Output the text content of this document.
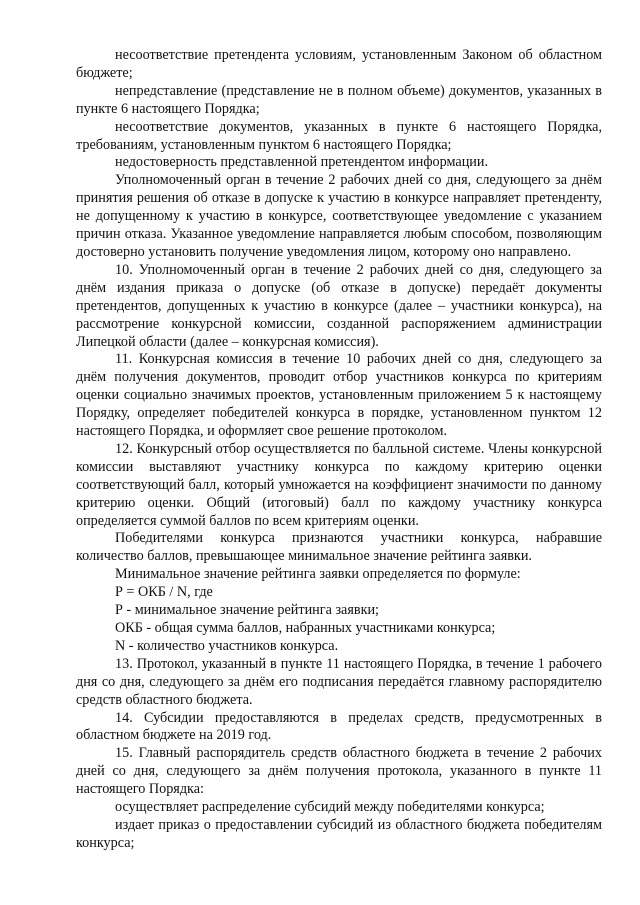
несоответствие претендента условиям, установленным Законом об областном бюджете;

непредставление (представление не в полном объеме) документов, указанных в пункте 6 настоящего Порядка;

несоответствие документов, указанных в пункте 6 настоящего Порядка, требованиям, установленным пунктом 6 настоящего Порядка;

недостоверность представленной претендентом информации.

Уполномоченный орган в течение 2 рабочих дней со дня, следующего за днём принятия решения об отказе в допуске к участию в конкурсе направляет претенденту, не допущенному к участию в конкурсе, соответствующее уведомление с указанием причин отказа. Указанное уведомление направляется любым способом, позволяющим достоверно установить получение уведомления лицом, которому оно направлено.

10. Уполномоченный орган в течение 2 рабочих дней со дня, следующего за днём издания приказа о допуске (об отказе в допуске) передаёт документы претендентов, допущенных к участию в конкурсе (далее – участники конкурса), на рассмотрение конкурсной комиссии, созданной распоряжением администрации Липецкой области (далее – конкурсная комиссия).

11. Конкурсная комиссия в течение 10 рабочих дней со дня, следующего за днём получения документов, проводит отбор участников конкурса по критериям оценки социально значимых проектов, установленным приложением 5 к настоящему Порядку, определяет победителей конкурса в порядке, установленном пунктом 12 настоящего Порядка, и оформляет свое решение протоколом.

12. Конкурсный отбор осуществляется по балльной системе. Члены конкурсной комиссии выставляют участнику конкурса по каждому критерию оценки соответствующий балл, который умножается на коэффициент значимости по данному критерию оценки. Общий (итоговый) балл по каждому участнику конкурса определяется суммой баллов по всем критериям оценки.

Победителями конкурса признаются участники конкурса, набравшие количество баллов, превышающее минимальное значение рейтинга заявки.

Минимальное значение рейтинга заявки определяется по формуле:

Р = ОКБ / N, где

Р - минимальное значение рейтинга заявки;

ОКБ - общая сумма баллов, набранных участниками конкурса;

N - количество участников конкурса.

13. Протокол, указанный в пункте 11 настоящего Порядка, в течение 1 рабочего дня со дня, следующего за днём его подписания передаётся главному распорядителю средств областного бюджета.

14. Субсидии предоставляются в пределах средств, предусмотренных в областном бюджете на 2019 год.

15. Главный распорядитель средств областного бюджета в течение 2 рабочих дней со дня, следующего за днём получения протокола, указанного в пункте 11 настоящего Порядка:

осуществляет распределение субсидий между победителями конкурса;

издает приказ о предоставлении субсидий из областного бюджета победителям конкурса;
